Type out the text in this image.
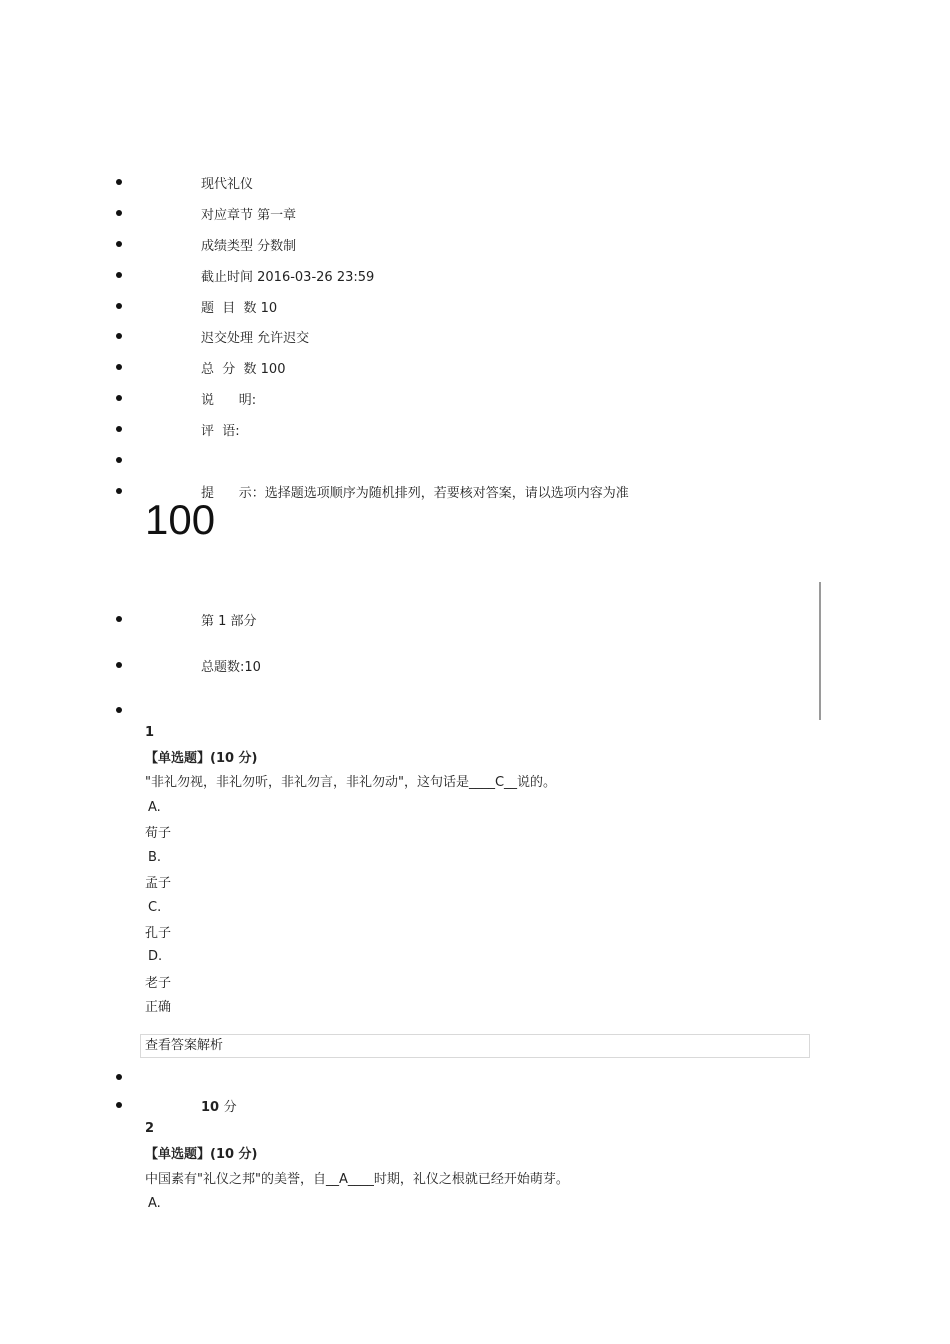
现代礼仪
对应章节 第一章
成绩类型 分数制
截止时间 2016-03-26 23:59
题  目  数 10
迟交处理 允许迟交
总  分  数 100
说      明:
评  语:
提      示：选择题选项顺序为随机排列，若要核对答案，请以选项内容为准
100
第 1 部分
总题数:10
1
【单选题】(10 分)
"非礼勿视，非礼勿听，非礼勿言，非礼勿动"，这句话是____C__说的。
A.
荀子
B.
孟子
C.
孔子
D.
老子
正确
查看答案解析
10 分
2
【单选题】(10 分)
中国素有"礼仪之邦"的美誉，自__A____时期，礼仪之根就已经开始萌芽。
A.
